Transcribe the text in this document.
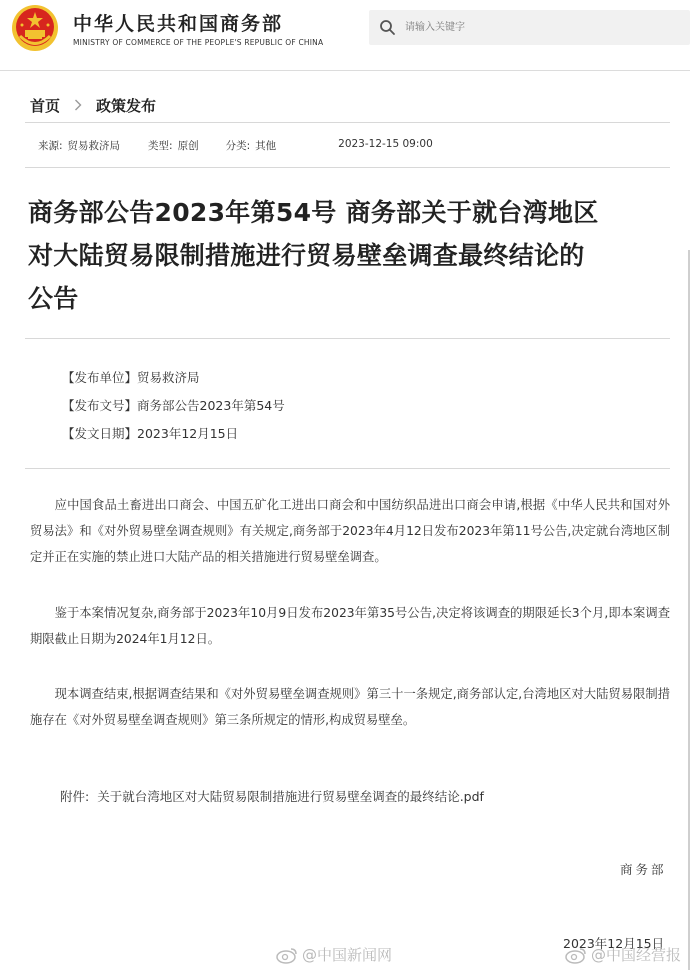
中华人民共和国商务部
MINISTRY OF COMMERCE OF THE PEOPLE'S REPUBLIC OF CHINA
请输入关键字
首页 政策发布
来源: 贸易救济局	类型: 原创	分类: 其他	2023-12-15 09:00
商务部公告2023年第54号 商务部关于就台湾地区
对大陆贸易限制措施进行贸易壁垒调查最终结论的
公告
【发布单位】贸易救济局
【发布文号】商务部公告2023年第54号
【发文日期】2023年12月15日

应中国食品土畜进出口商会、中国五矿化工进出口商会和中国纺织品进出口商会申请,根据《中华人民共和国对外贸易法》和《对外贸易壁垒调查规则》有关规定,商务部于2023年4月12日发布2023年第11号公告,决定就台湾地区制定并正在实施的禁止进口大陆产品的相关措施进行贸易壁垒调查。

鉴于本案情况复杂,商务部于2023年10月9日发布2023年第35号公告,决定将该调查的期限延长3个月,即本案调查期限截止日期为2024年1月12日。

现本调查结束,根据调查结果和《对外贸易壁垒调查规则》第三十一条规定,商务部认定,台湾地区对大陆贸易限制措施存在《对外贸易壁垒调查规则》第三条所规定的情形,构成贸易壁垒。

附件: 关于就台湾地区对大陆贸易限制措施进行贸易壁垒调查的最终结论.pdf
商务部
2023年12月15日
@中国新闻网	@中国经营报
